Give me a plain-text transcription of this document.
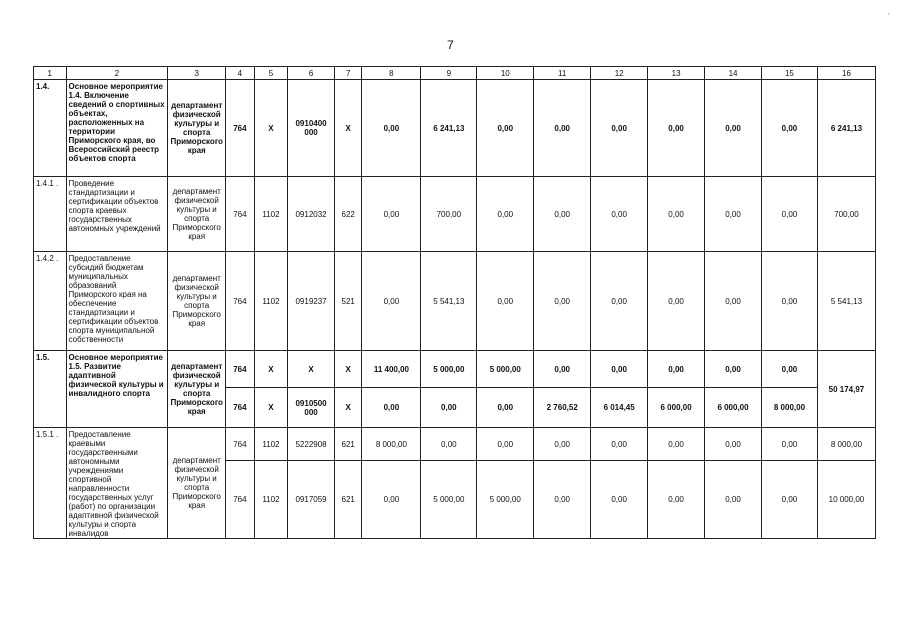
7
'
1	2	3	4	5	6	7	8	9	10	11	12	13	14	15	16
1.4.	Основное мероприятие 1.4. Включение сведений о спортивных объектах, расположенных на территории Приморского края, во Всероссийский реестр объектов спорта	департамент физической культуры и спорта Приморского края	764	X	0910400 000	X	0,00	6 241,13	0,00	0,00	0,00	0,00	0,00	0,00	6 241,13
1.4.1 .	Проведение стандартизации и сертификации объектов спорта краевых государственных автономных учреждений	департамент физической культуры и спорта Приморского края	764	1102	0912032	622	0,00	700,00	0,00	0,00	0,00	0,00	0,00	0,00	700,00
1.4.2 .	Предоставление субсидий бюджетам муниципальных образований Приморского края на обеспечение стандартизации и сертификации объектов спорта муниципальной собственности	департамент физической культуры и спорта Приморского края	764	1102	0919237	521	0,00	5 541,13	0,00	0,00	0,00	0,00	0,00	0,00	5 541,13
1.5.	Основное мероприятие 1.5. Развитие адаптивной физической культуры и инвалидного спорта	департамент физической культуры и спорта Приморского края	764	X	X	X	11 400,00	5 000,00	5 000,00	0,00	0,00	0,00	0,00	0,00	50 174,97
			764	X	0910500 000	X	0,00	0,00	0,00	2 760,52	6 014,45	6 000,00	6 000,00	8 000,00	
1.5.1 .	Предоставление краевыми государственными автономными учреждениями спортивной направленности государственных услуг (работ) по организации адаптивной физической культуры и спорта инвалидов	департамент физической культуры и спорта Приморского края	764	1102	5222908	621	8 000,00	0,00	0,00	0,00	0,00	0,00	0,00	0,00	8 000,00
			764	1102	0917059	621	0,00	5 000,00	5 000,00	0,00	0,00	0,00	0,00	0,00	10 000,00
